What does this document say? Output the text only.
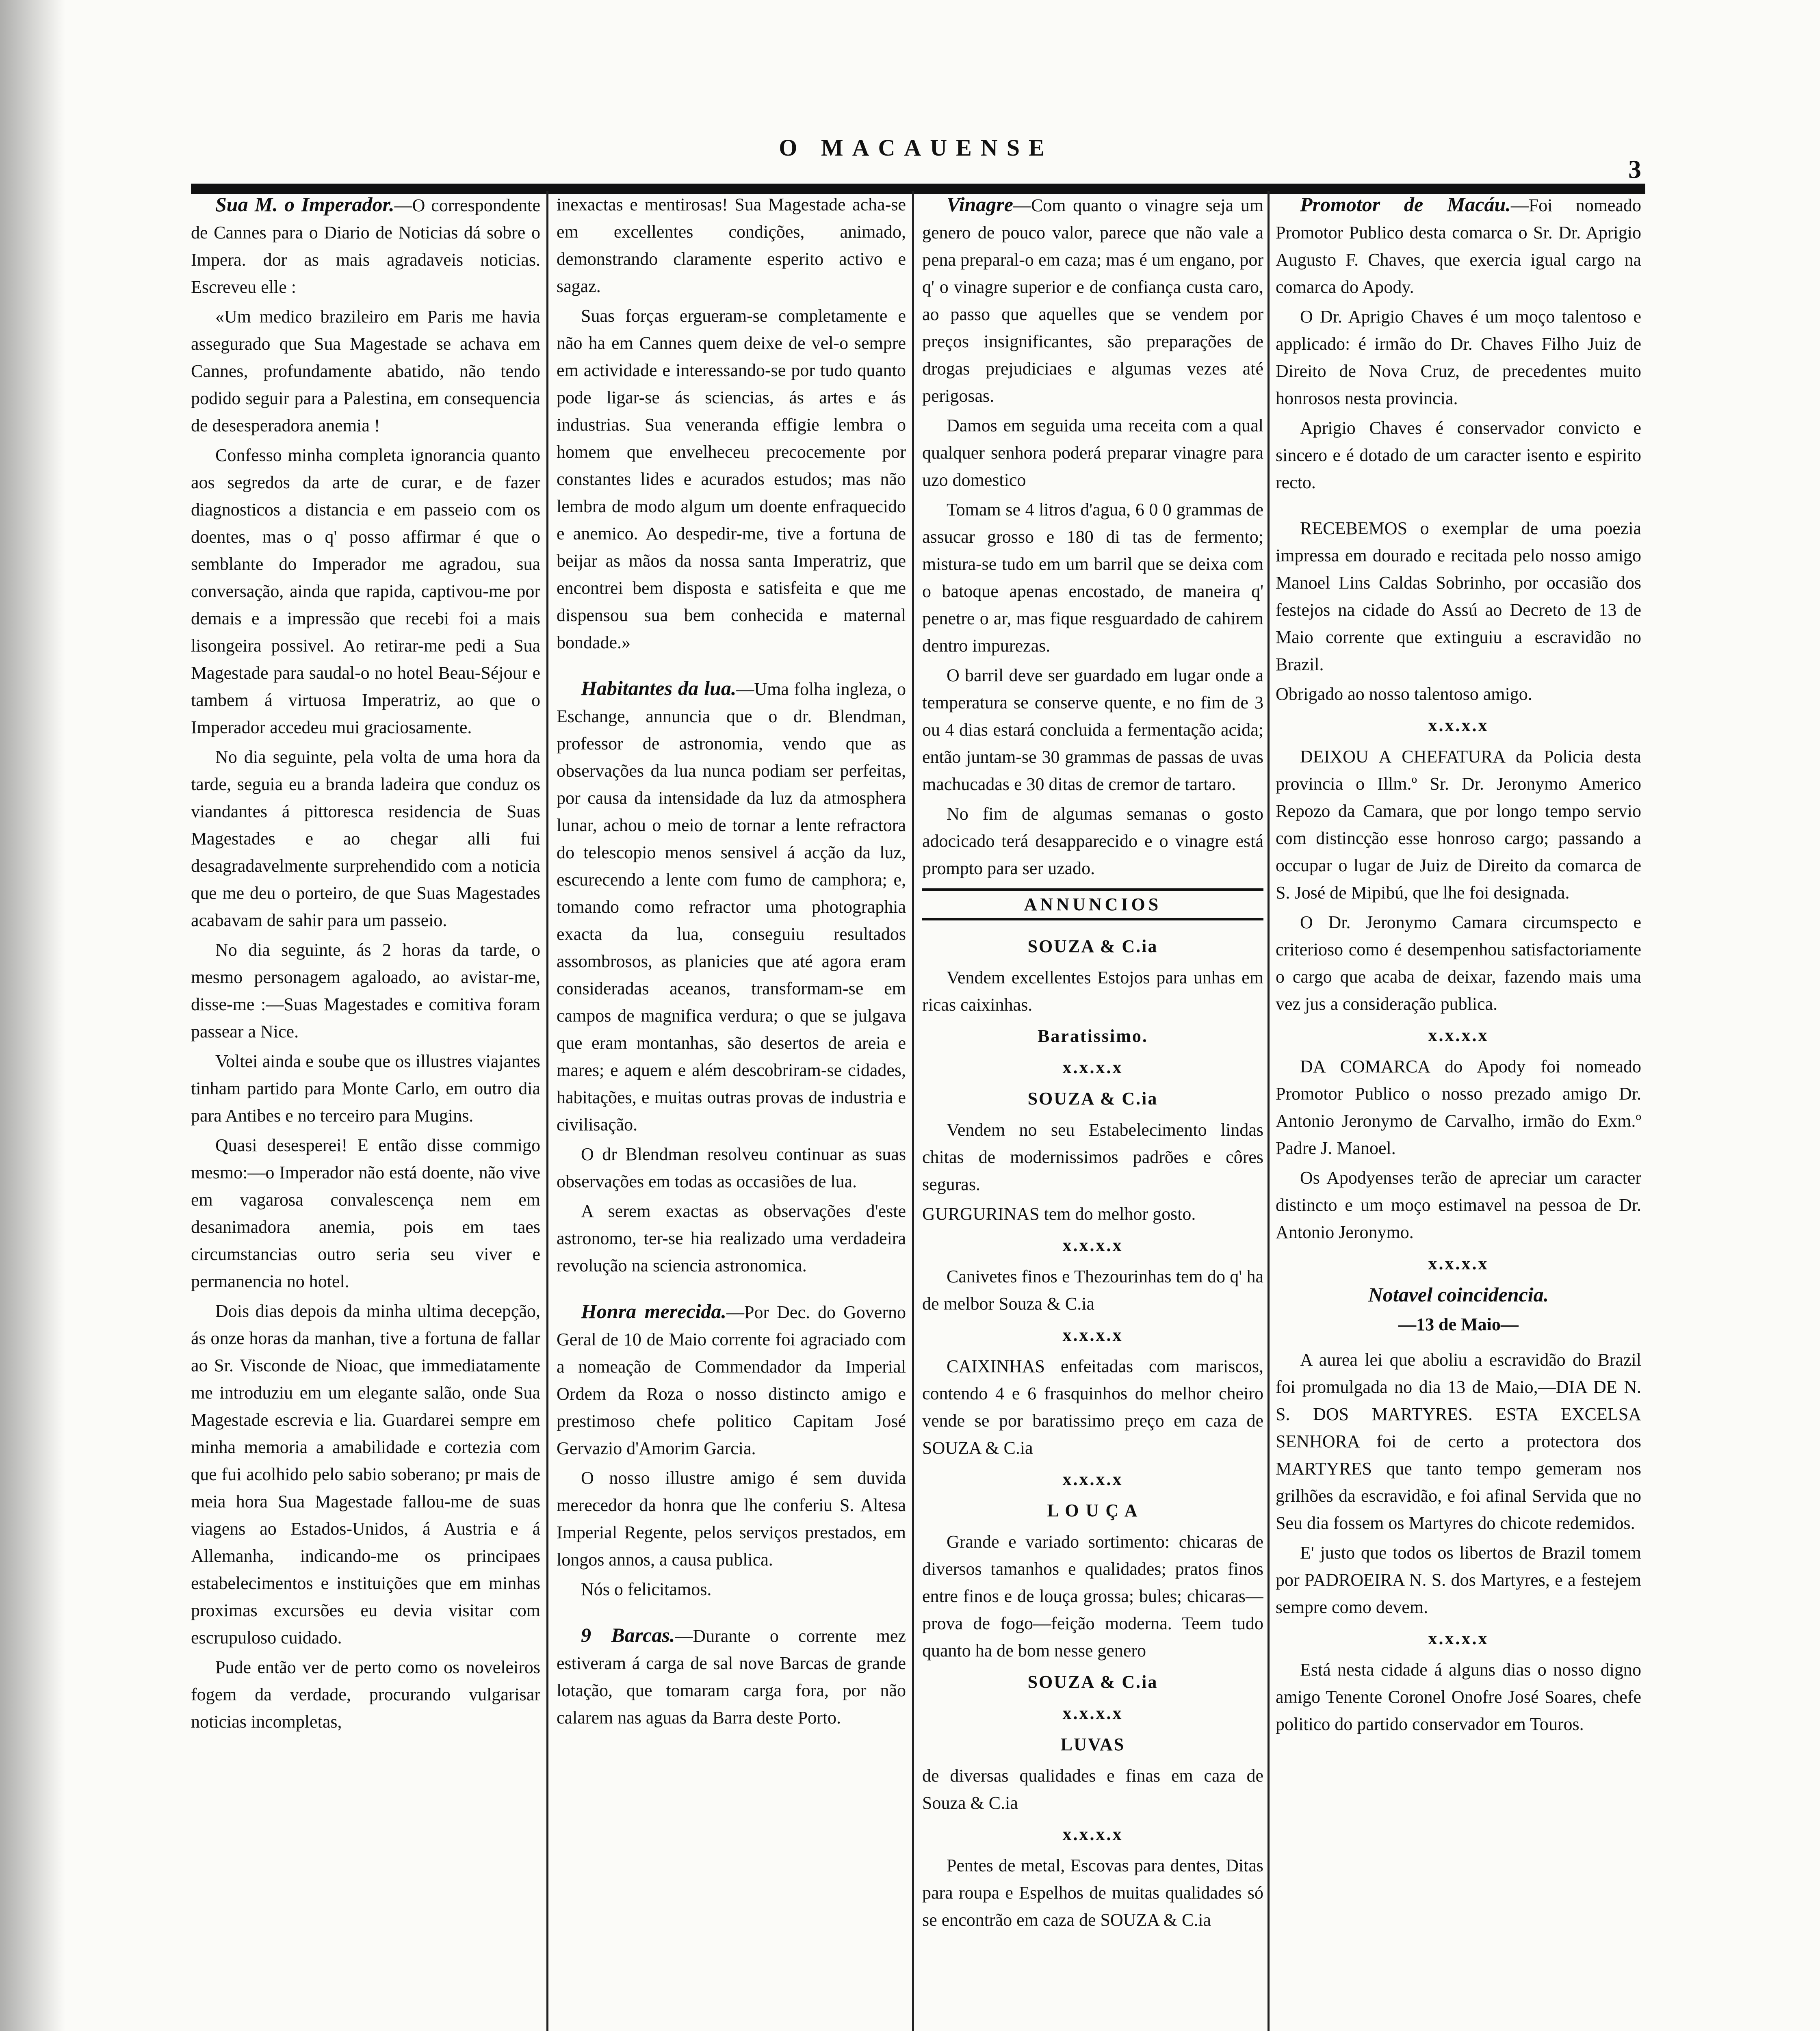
O MACAUENSE
3

Sua M. o Imperador.—O correspondente de Cannes para o Diario de Noticias dá sobre o Impera. dor as mais agradaveis noticias. Escreveu elle :

«Um medico brazileiro em Paris me havia assegurado que Sua Magestade se achava em Cannes, profundamente abatido, não tendo podido seguir para a Palestina, em consequencia de desesperadora anemia !

Confesso minha completa ignorancia quanto aos segredos da arte de curar, e de fazer diagnosticos a distancia e em passeio com os doentes, mas o q' posso affirmar é que o semblante do Imperador me agradou, sua conversação, ainda que rapida, captivou-me por demais e a impressão que recebi foi a mais lisongeira possivel. Ao retirar-me pedi a Sua Magestade para saudal-o no hotel Beau-Séjour e tambem á virtuosa Imperatriz, ao que o Imperador accedeu mui graciosamente.

No dia seguinte, pela volta de uma hora da tarde, seguia eu a branda ladeira que conduz os viandantes á pittoresca residencia de Suas Magestades e ao chegar alli fui desagradavelmente surprehendido com a noticia que me deu o porteiro, de que Suas Magestades acabavam de sahir para um passeio.

No dia seguinte, ás 2 horas da tarde, o mesmo personagem agaloado, ao avistar-me, disse-me :—Suas Magestades e comitiva foram passear a Nice.

Voltei ainda e soube que os illustres viajantes tinham partido para Monte Carlo, em outro dia para Antibes e no terceiro para Mugins.

Quasi desesperei! E então disse commigo mesmo:—o Imperador não está doente, não vive em vagarosa convalescença nem em desanimadora anemia, pois em taes circumstancias outro seria seu viver e permanencia no hotel.

Dois dias depois da minha ultima decepção, ás onze horas da manhan, tive a fortuna de fallar ao Sr. Visconde de Nioac, que immediatamente me introduziu em um elegante salão, onde Sua Magestade escrevia e lia. Guardarei sempre em minha memoria a amabilidade e cortezia com que fui acolhido pelo sabio soberano; pr mais de meia hora Sua Magestade fallou-me de suas viagens ao Estados-Unidos, á Austria e á Allemanha, indicando-me os principaes estabelecimentos e instituições que em minhas proximas excursões eu devia visitar com escrupuloso cuidado.

Pude então ver de perto como os noveleiros fogem da verdade, procurando vulgarisar noticias incompletas,

inexactas e mentirosas! Sua Magestade acha-se em excellentes condições, animado, demonstrando claramente esperito activo e sagaz.

Suas forças ergueram-se completamente e não ha em Cannes quem deixe de vel-o sempre em actividade e interessando-se por tudo quanto pode ligar-se ás sciencias, ás artes e ás industrias. Sua veneranda effigie lembra o homem que envelheceu precocemente por constantes lides e acurados estudos; mas não lembra de modo algum um doente enfraquecido e anemico. Ao despedir-me, tive a fortuna de beijar as mãos da nossa santa Imperatriz, que encontrei bem disposta e satisfeita e que me dispensou sua bem conhecida e maternal bondade.»

Habitantes da lua.—Uma folha ingleza, o Eschange, annuncia que o dr. Blendman, professor de astronomia, vendo que as observações da lua nunca podiam ser perfeitas, por causa da intensidade da luz da atmosphera lunar, achou o meio de tornar a lente refractora do telescopio menos sensivel á acção da luz, escurecendo a lente com fumo de camphora; e, tomando como refractor uma photographia exacta da lua, conseguiu resultados assombrosos, as planicies que até agora eram consideradas aceanos, transformam-se em campos de magnifica verdura; o que se julgava que eram montanhas, são desertos de areia e mares; e aquem e além descobriram-se cidades, habitações, e muitas outras provas de industria e civilisação.

O dr Blendman resolveu continuar as suas observações em todas as occasiões de lua.

A serem exactas as observações d'este astronomo, ter-se hia realizado uma verdadeira revolução na sciencia astronomica.

Honra merecida.—Por Dec. do Governo Geral de 10 de Maio corrente foi agraciado com a nomeação de Commendador da Imperial Ordem da Roza o nosso distincto amigo e prestimoso chefe politico Capitam José Gervazio d'Amorim Garcia.

O nosso illustre amigo é sem duvida merecedor da honra que lhe conferiu S. Altesa Imperial Regente, pelos serviços prestados, em longos annos, a causa publica.

Nós o felicitamos.

9 Barcas.—Durante o corrente mez estiveram á carga de sal nove Barcas de grande lotação, que tomaram carga fora, por não calarem nas aguas da Barra deste Porto.

Vinagre—Com quanto o vinagre seja um genero de pouco valor, parece que não vale a pena preparal-o em caza; mas é um engano, por q' o vinagre superior e de confiança custa caro, ao passo que aquelles que se vendem por preços insignificantes, são preparações de drogas prejudiciaes e algumas vezes até perigosas.

Damos em seguida uma receita com a qual qualquer senhora poderá preparar vinagre para uzo domestico

Tomam se 4 litros d'agua, 6 0 0 grammas de assucar grosso e 180 di tas de fermento; mistura-se tudo em um barril que se deixa com o batoque apenas encostado, de maneira q' penetre o ar, mas fique resguardado de cahirem dentro impurezas.

O barril deve ser guardado em lugar onde a temperatura se conserve quente, e no fim de 3 ou 4 dias estará concluida a fermentação acida; então juntam-se 30 grammas de passas de uvas machucadas e 30 ditas de cremor de tartaro.

No fim de algumas semanas o gosto adocicado terá desapparecido e o vinagre está prompto para ser uzado.

ANNUNCIOS

SOUZA & C.ia

Vendem excellentes Estojos para unhas em ricas caixinhas.

Baratissimo.

x.x.x.x

SOUZA & C.ia

Vendem no seu Estabelecimento lindas chitas de modernissimos padrões e côres seguras.

GURGURINAS tem do melhor gosto.

x.x.x.x

Canivetes finos e Thezourinhas tem do q' ha de melbor Souza & C.ia

x.x.x.x

CAIXINHAS enfeitadas com mariscos, contendo 4 e 6 frasquinhos do melhor cheiro vende se por baratissimo preço em caza de SOUZA & C.ia

x.x.x.x

L O U Ç A

Grande e variado sortimento: chicaras de diversos tamanhos e qualidades; pratos finos entre finos e de louça grossa; bules; chicaras—prova de fogo—feição moderna. Teem tudo quanto ha de bom nesse genero

SOUZA & C.ia

x.x.x.x

LUVAS

de diversas qualidades e finas em caza de Souza & C.ia

x.x.x.x

Pentes de metal, Escovas para dentes, Ditas para roupa e Espelhos de muitas qualidades só se encontrão em caza de SOUZA & C.ia

Promotor de Macáu.—Foi nomeado Promotor Publico desta comarca o Sr. Dr. Aprigio Augusto F. Chaves, que exercia igual cargo na comarca do Apody.

O Dr. Aprigio Chaves é um moço talentoso e applicado: é irmão do Dr. Chaves Filho Juiz de Direito de Nova Cruz, de precedentes muito honrosos nesta provincia.

Aprigio Chaves é conservador convicto e sincero e é dotado de um caracter isento e espirito recto.

RECEBEMOS o exemplar de uma poezia impressa em dourado e recitada pelo nosso amigo Manoel Lins Caldas Sobrinho, por occasião dos festejos na cidade do Assú ao Decreto de 13 de Maio corrente que extinguiu a escravidão no Brazil.

Obrigado ao nosso talentoso amigo.

x.x.x.x

DEIXOU A CHEFATURA da Policia desta provincia o Illm.º Sr. Dr. Jeronymo Americo Repozo da Camara, que por longo tempo servio com distincção esse honroso cargo; passando a occupar o lugar de Juiz de Direito da comarca de S. José de Mipibú, que lhe foi designada.

O Dr. Jeronymo Camara circumspecto e criterioso como é desempenhou satisfactoriamente o cargo que acaba de deixar, fazendo mais uma vez jus a consideração publica.

x.x.x.x

DA COMARCA do Apody foi nomeado Promotor Publico o nosso prezado amigo Dr. Antonio Jeronymo de Carvalho, irmão do Exm.º Padre J. Manoel.

Os Apodyenses terão de apreciar um caracter distincto e um moço estimavel na pessoa de Dr. Antonio Jeronymo.

x.x.x.x

Notavel coincidencia.

—13 de Maio—

A aurea lei que aboliu a escravidão do Brazil foi promulgada no dia 13 de Maio,—DIA DE N. S. DOS MARTYRES. ESTA EXCELSA SENHORA foi de certo a protectora dos MARTYRES que tanto tempo gemeram nos grilhões da escravidão, e foi afinal Servida que no Seu dia fossem os Martyres do chicote redemidos.

E' justo que todos os libertos de Brazil tomem por PADROEIRA N. S. dos Martyres, e a festejem sempre como devem.

x.x.x.x

Está nesta cidade á alguns dias o nosso digno amigo Tenente Coronel Onofre José Soares, chefe politico do partido conservador em Touros.
